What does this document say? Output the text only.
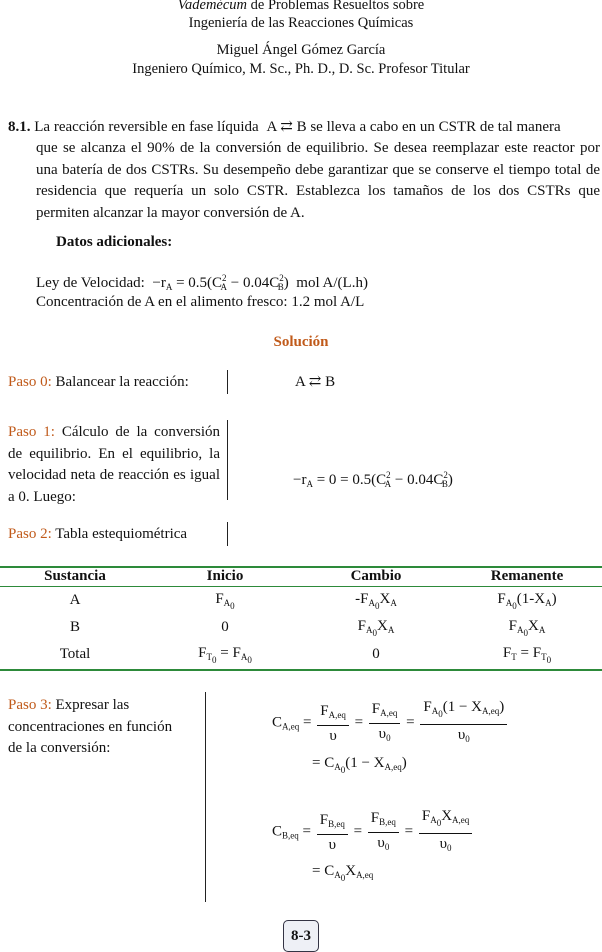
Vademécum de Problemas Resueltos sobre
Ingeniería de las Reacciones Químicas
Miguel Ángel Gómez García
Ingeniero Químico, M. Sc., Ph. D., D. Sc. Profesor Titular
8.1. La reacción reversible en fase líquida A ⇄ B se lleva a cabo en un CSTR de tal manera
que se alcanza el 90% de la conversión de equilibrio. Se desea reemplazar este reactor por una batería de dos CSTRs. Su desempeño debe garantizar que se conserve el tiempo total de residencia que requería un solo CSTR. Establezca los tamaños de los dos CSTRs que permiten alcanzar la mayor conversión de A.
Datos adicionales:
Ley de Velocidad:  $-r_A = 0.5(C^2_A - 0.04C^2_B)$  mol A/(L.h)
Concentración de A en el alimento fresco: 1.2 mol A/L
Solución
Paso 0: Balancear la reacción:	A ⇄ B
Paso 1: Cálculo de la conversión de equilibrio. En el equilibrio, la velocidad neta de reacción es igual a 0. Luego:
$-r_A = 0 = 0.5(C^2_A - 0.04C^2_B)$
Paso 2: Tabla estequiométrica
Sustancia	Inicio	Cambio	Remanente
A	$F_{A_0}$	$-F_{A_0}X_A$	$F_{A_0}(1-X_A)$
B	0	$F_{A_0}X_A$	$F_{A_0}X_A$
Total	$F_{T_0} = F_{A_0}$	0	$F_T = F_{T_0}$
Paso 3: Expresar las concentraciones en función de la conversión:
$C_{A,eq} = \frac{F_{A,eq}}{\upsilon} = \frac{F_{A,eq}}{\upsilon_0} = \frac{F_{A_0}(1 - X_{A,eq})}{\upsilon_0}$
= $C_{A_0}(1 - X_{A,eq})$
$C_{B,eq} = \frac{F_{B,eq}}{\upsilon} = \frac{F_{B,eq}}{\upsilon_0} = \frac{F_{A_0}X_{A,eq}}{\upsilon_0}$
= $C_{A_0}X_{A,eq}$
8-3
